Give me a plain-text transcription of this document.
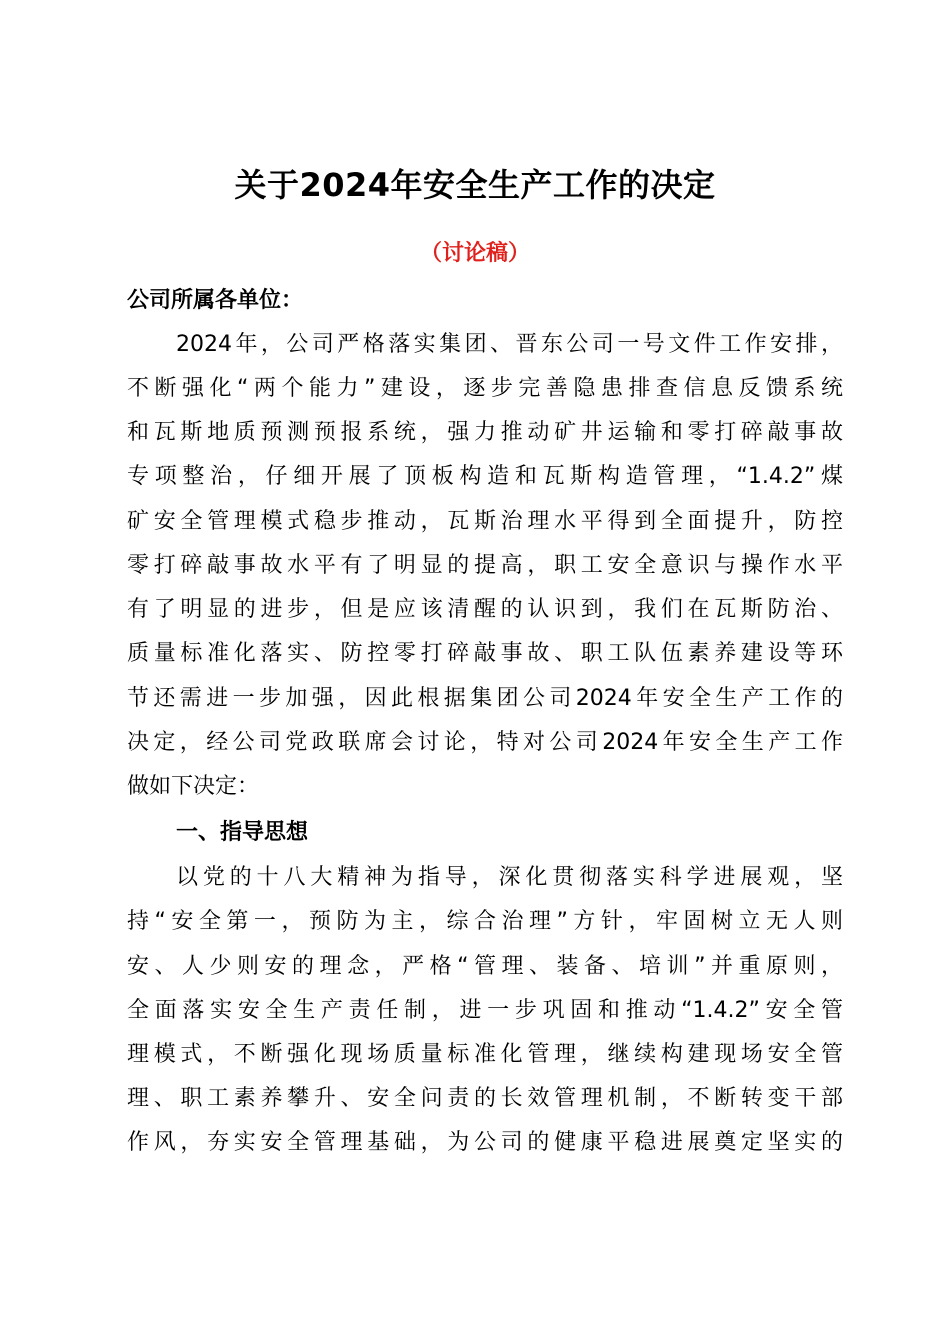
关于2024年安全生产工作的决定
（讨论稿）
公司所属各单位：
2024年，公司严格落实集团、晋东公司一号文件工作安排，
不断强化“两个能力”建设，逐步完善隐患排查信息反馈系统
和瓦斯地质预测预报系统，强力推动矿井运输和零打碎敲事故
专项整治，仔细开展了顶板构造和瓦斯构造管理，“1.4.2”煤
矿安全管理模式稳步推动，瓦斯治理水平得到全面提升，防控
零打碎敲事故水平有了明显的提高，职工安全意识与操作水平
有了明显的进步，但是应该清醒的认识到，我们在瓦斯防治、
质量标准化落实、防控零打碎敲事故、职工队伍素养建设等环
节还需进一步加强，因此根据集团公司2024年安全生产工作的
决定，经公司党政联席会讨论，特对公司2024年安全生产工作
做如下决定：
一、指导思想
以党的十八大精神为指导，深化贯彻落实科学进展观，坚
持“安全第一，预防为主，综合治理”方针，牢固树立无人则
安、人少则安的理念，严格“管理、装备、培训”并重原则，
全面落实安全生产责任制，进一步巩固和推动“1.4.2”安全管
理模式，不断强化现场质量标准化管理，继续构建现场安全管
理、职工素养攀升、安全问责的长效管理机制，不断转变干部
作风，夯实安全管理基础，为公司的健康平稳进展奠定坚实的
